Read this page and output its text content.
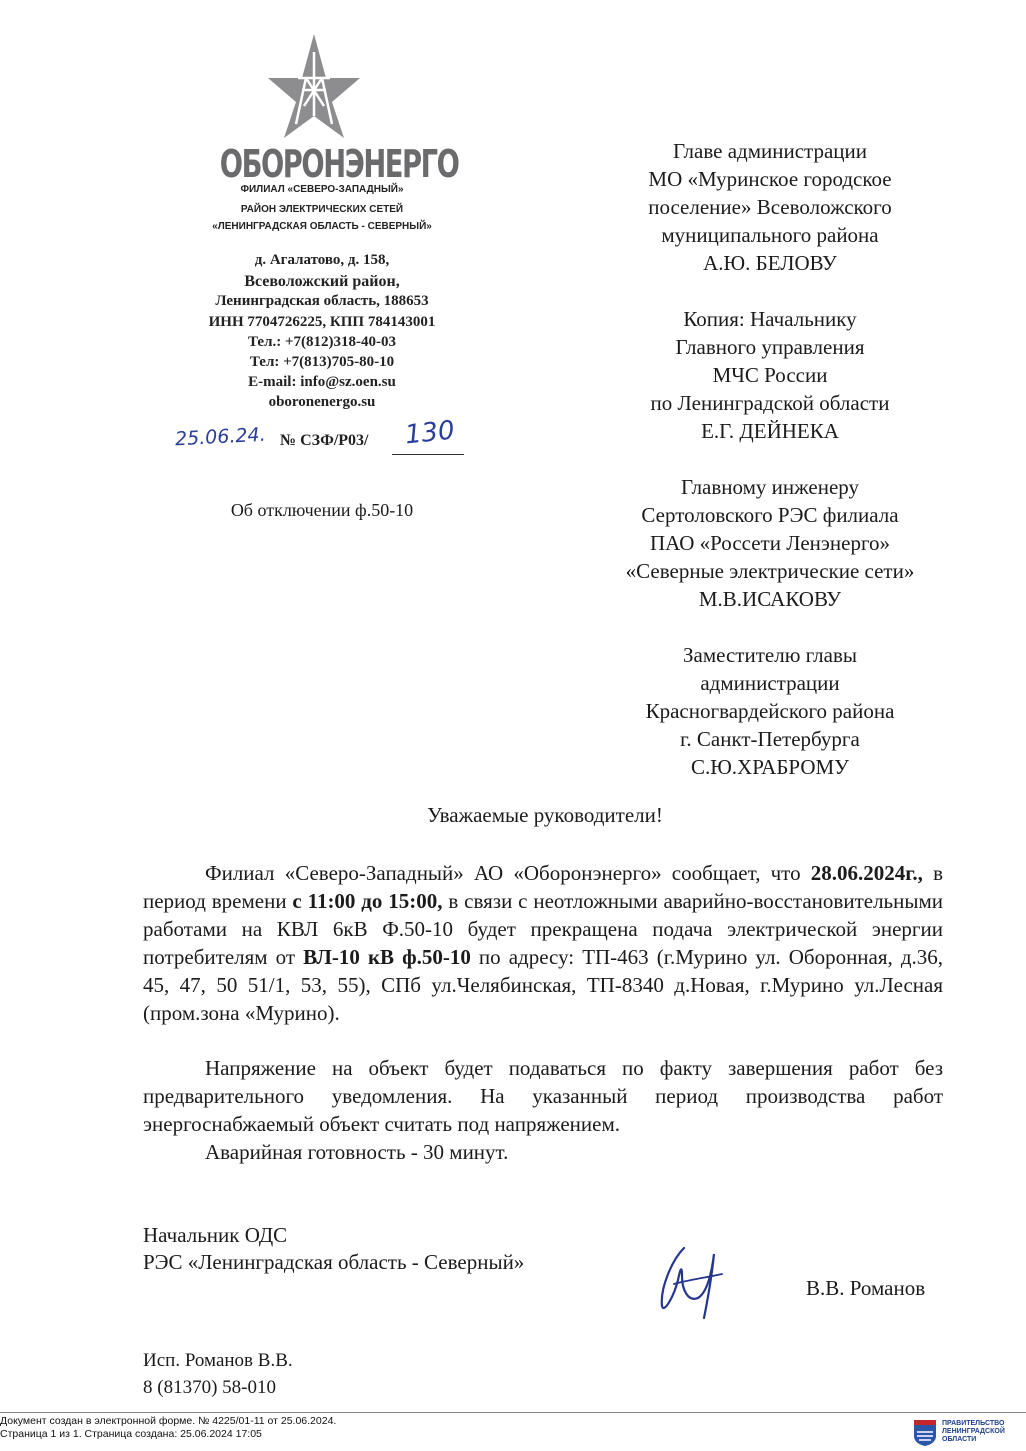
ОБОРОНЭНЕРГО
ФИЛИАЛ «СЕВЕРО-ЗАПАДНЫЙ»
РАЙОН ЭЛЕКТРИЧЕСКИХ СЕТЕЙ
«ЛЕНИНГРАДСКАЯ ОБЛАСТЬ - СЕВЕРНЫЙ»
д. Агалатово, д. 158,
Всеволожский район,
Ленинградская область, 188653
ИНН 7704726225, КПП 784143001
Тел.: +7(812)318-40-03
Тел: +7(813)705-80-10
E-mail: info@sz.oen.su
oboronenergo.su
25.06.24. № СЗФ/Р03/ 130
Об отключении ф.50-10
Главе администрации
МО «Муринское городское
поселение» Всеволожского
муниципального района
А.Ю. БЕЛОВУ
Копия: Начальнику
Главного управления
МЧС России
по Ленинградской области
Е.Г. ДЕЙНЕКА
Главному инженеру
Сертоловского РЭС филиала
ПАО «Россети Ленэнерго»
«Северные электрические сети»
М.В.ИСАКОВУ
Заместителю главы
администрации
Красногвардейского района
г. Санкт-Петербурга
С.Ю.ХРАБРОМУ
Уважаемые руководители!
Филиал «Северо-Западный» АО «Оборонэнерго» сообщает, что 28.06.2024г., в период времени с 11:00 до 15:00, в связи с неотложными аварийно-восстановительными работами на КВЛ 6кВ Ф.50-10 будет прекращена подача электрической энергии потребителям от ВЛ-10 кВ ф.50-10 по адресу: ТП-463 (г.Мурино ул. Оборонная, д.36, 45, 47, 50 51/1, 53, 55), СПб ул.Челябинская, ТП-8340 д.Новая, г.Мурино ул.Лесная (пром.зона «Мурино).
Напряжение на объект будет подаваться по факту завершения работ без предварительного уведомления. На указанный период производства работ энергоснабжаемый объект считать под напряжением.
Аварийная готовность - 30 минут.
Начальник ОДС
РЭС «Ленинградская область - Северный»
В.В. Романов
Исп. Романов В.В.
8 (81370) 58-010
Документ создан в электронной форме. № 4225/01-11 от 25.06.2024.
Страница 1 из 1. Страница создана: 25.06.2024 17:05
ПРАВИТЕЛЬСТВО
ЛЕНИНГРАДСКОЙ
ОБЛАСТИ
